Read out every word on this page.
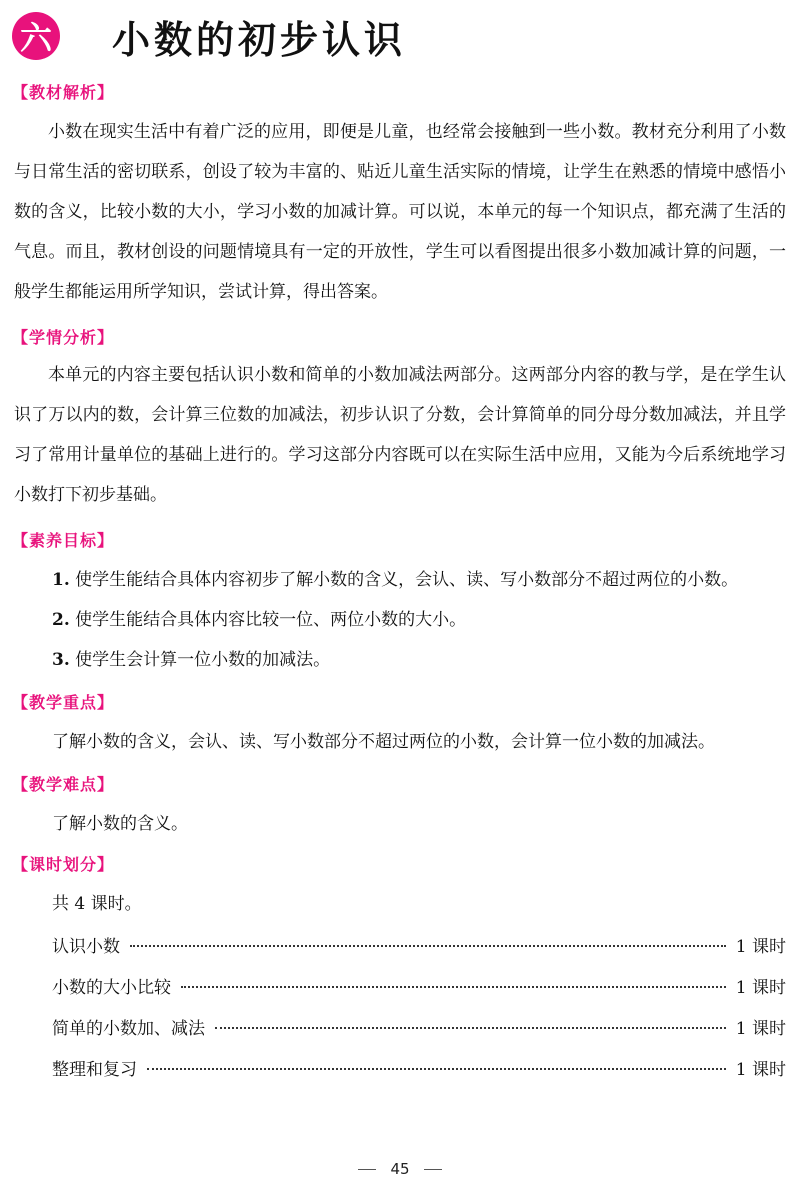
六 小数的初步认识
【教材解析】
小数在现实生活中有着广泛的应用，即便是儿童，也经常会接触到一些小数。教材充分利用了小数与日常生活的密切联系，创设了较为丰富的、贴近儿童生活实际的情境，让学生在熟悉的情境中感悟小数的含义，比较小数的大小，学习小数的加减计算。可以说，本单元的每一个知识点，都充满了生活的气息。而且，教材创设的问题情境具有一定的开放性，学生可以看图提出很多小数加减计算的问题，一般学生都能运用所学知识，尝试计算，得出答案。
【学情分析】
本单元的内容主要包括认识小数和简单的小数加减法两部分。这两部分内容的教与学，是在学生认识了万以内的数，会计算三位数的加减法，初步认识了分数，会计算简单的同分母分数加减法，并且学习了常用计量单位的基础上进行的。学习这部分内容既可以在实际生活中应用，又能为今后系统地学习小数打下初步基础。
【素养目标】
1. 使学生能结合具体内容初步了解小数的含义，会认、读、写小数部分不超过两位的小数。
2. 使学生能结合具体内容比较一位、两位小数的大小。
3. 使学生会计算一位小数的加减法。
【教学重点】
了解小数的含义，会认、读、写小数部分不超过两位的小数，会计算一位小数的加减法。
【教学难点】
了解小数的含义。
【课时划分】
共 4 课时。
认识小数	1 课时
小数的大小比较	1 课时
简单的小数加、减法	1 课时
整理和复习	1 课时
45
